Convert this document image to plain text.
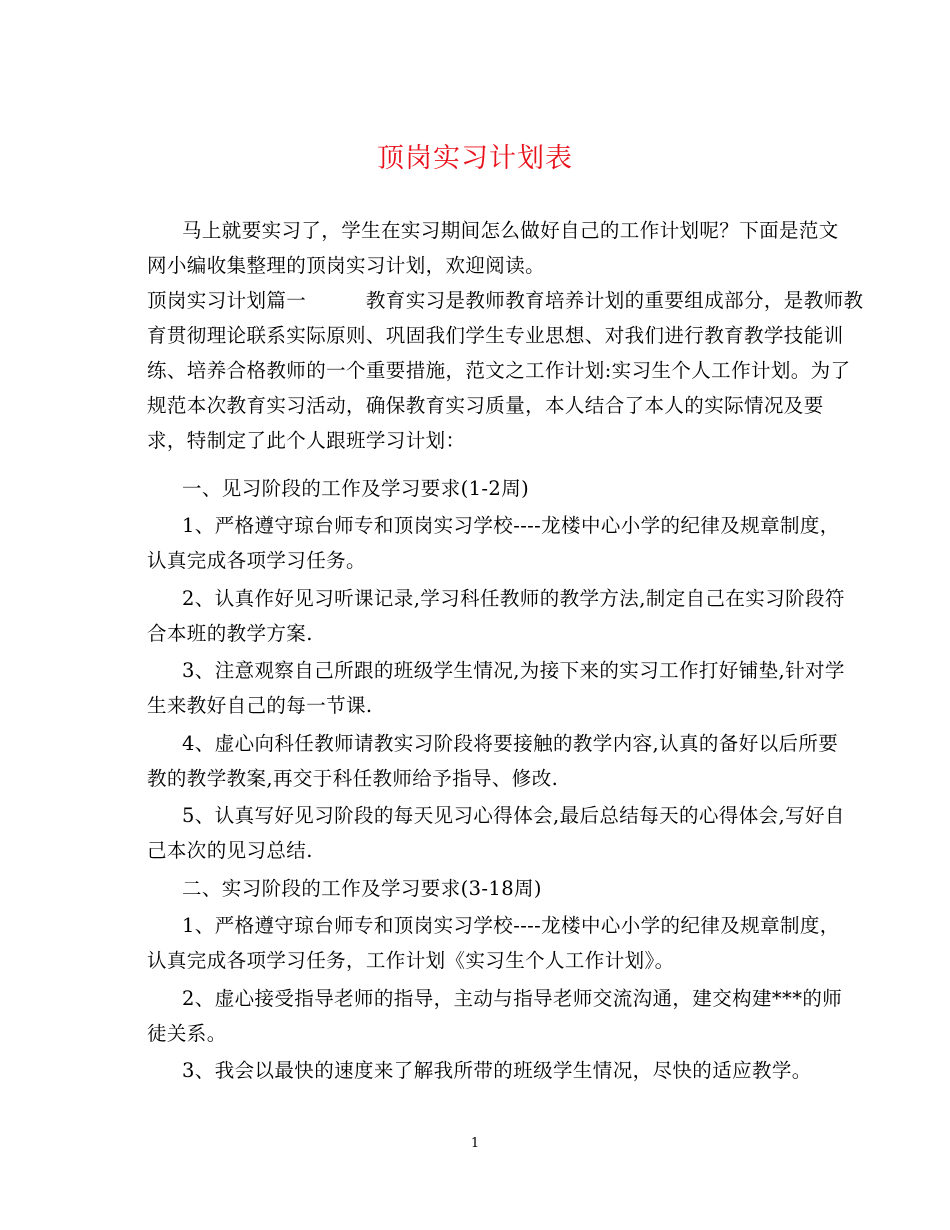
顶岗实习计划表
马上就要实习了，学生在实习期间怎么做好自己的工作计划呢？下面是范文
网小编收集整理的顶岗实习计划，欢迎阅读。
顶岗实习计划篇一　　　教育实习是教师教育培养计划的重要组成部分，是教师教
育贯彻理论联系实际原则、巩固我们学生专业思想、对我们进行教育教学技能训
练、培养合格教师的一个重要措施，范文之工作计划:实习生个人工作计划。为了
规范本次教育实习活动，确保教育实习质量，本人结合了本人的实际情况及要
求，特制定了此个人跟班学习计划：
一、见习阶段的工作及学习要求(1-2周)
1、严格遵守琼台师专和顶岗实习学校----龙楼中心小学的纪律及规章制度，
认真完成各项学习任务。
2、认真作好见习听课记录,学习科任教师的教学方法,制定自己在实习阶段符
合本班的教学方案.
3、注意观察自己所跟的班级学生情况,为接下来的实习工作打好铺垫,针对学
生来教好自己的每一节课.
4、虚心向科任教师请教实习阶段将要接触的教学内容,认真的备好以后所要
教的教学教案,再交于科任教师给予指导、修改.
5、认真写好见习阶段的每天见习心得体会,最后总结每天的心得体会,写好自
己本次的见习总结.
二、实习阶段的工作及学习要求(3-18周)
1、严格遵守琼台师专和顶岗实习学校----龙楼中心小学的纪律及规章制度，
认真完成各项学习任务，工作计划《实习生个人工作计划》。
2、虚心接受指导老师的指导，主动与指导老师交流沟通，建交构建***的师
徒关系。
3、我会以最快的速度来了解我所带的班级学生情况，尽快的适应教学。
1
